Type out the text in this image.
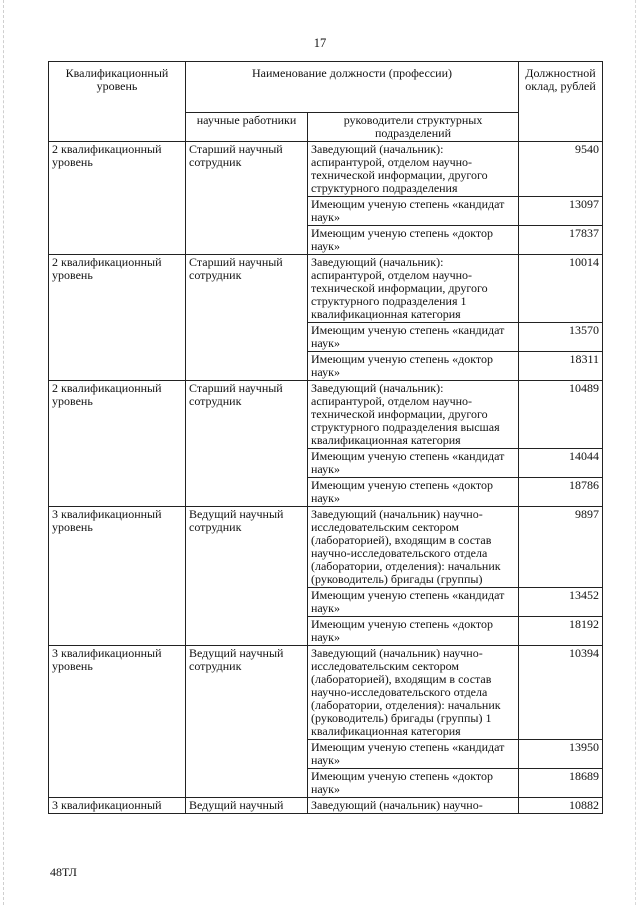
17
Квалификационный уровень	Наименование должности (профессии)		Должностной оклад, рублей
	научные работники	руководители структурных подразделений	
2 квалификационный уровень	Старший научный сотрудник	Заведующий (начальник): аспирантурой, отделом научно-технической информации, другого структурного подразделения	9540
		Имеющим ученую степень «кандидат наук»	13097
		Имеющим ученую степень «доктор наук»	17837
2 квалификационный уровень	Старший научный сотрудник	Заведующий (начальник): аспирантурой, отделом научно-технической информации, другого структурного подразделения 1 квалификационная категория	10014
		Имеющим ученую степень «кандидат наук»	13570
		Имеющим ученую степень «доктор наук»	18311
2 квалификационный уровень	Старший научный сотрудник	Заведующий (начальник): аспирантурой, отделом научно-технической информации, другого структурного подразделения высшая квалификационная категория	10489
		Имеющим ученую степень «кандидат наук»	14044
		Имеющим ученую степень «доктор наук»	18786
3 квалификационный уровень	Ведущий научный сотрудник	Заведующий (начальник) научно-исследовательским сектором (лабораторией), входящим в состав научно-исследовательского отдела (лаборатории, отделения): начальник (руководитель) бригады (группы)	9897
		Имеющим ученую степень «кандидат наук»	13452
		Имеющим ученую степень «доктор наук»	18192
3 квалификационный уровень	Ведущий научный сотрудник	Заведующий (начальник) научно-исследовательским сектором (лабораторией), входящим в состав научно-исследовательского отдела (лаборатории, отделения): начальник (руководитель) бригады (группы) 1 квалификационная категория	10394
		Имеющим ученую степень «кандидат наук»	13950
		Имеющим ученую степень «доктор наук»	18689
3 квалификационный	Ведущий научный	Заведующий (начальник) научно-	10882
48ТЛ
